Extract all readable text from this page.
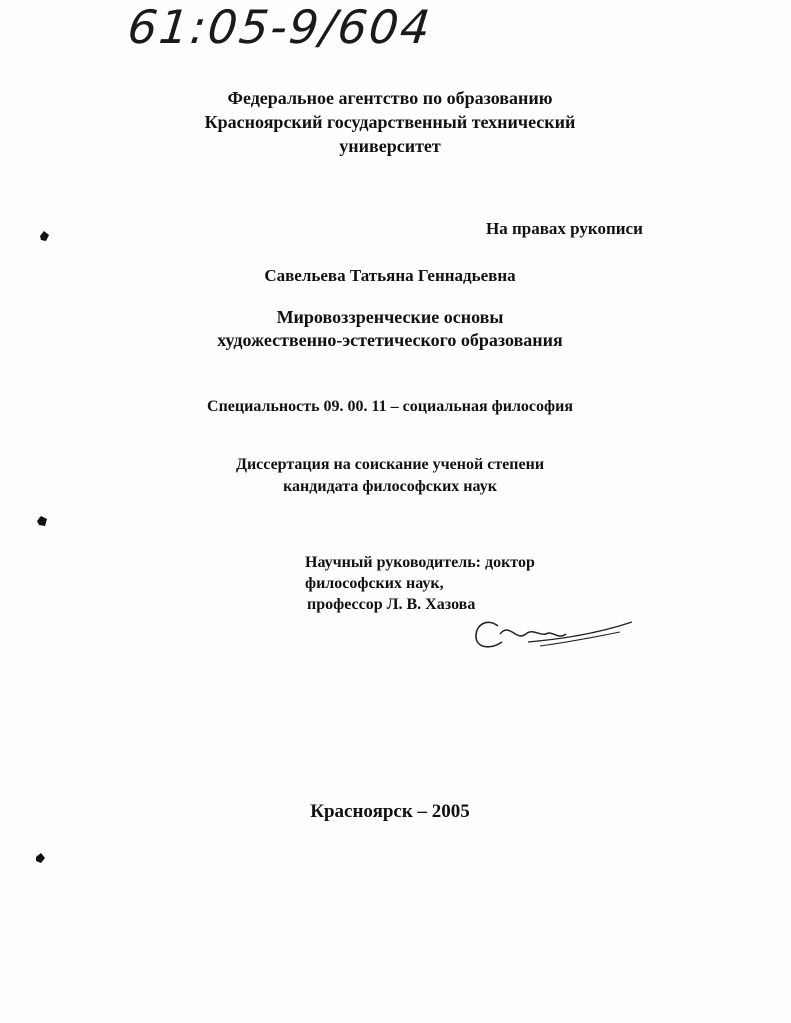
61:05-9/604
Федеральное агентство по образованию
Красноярский государственный технический
университет
На правах рукописи
Савельева Татьяна Геннадьевна
Мировоззренческие основы
художественно-эстетического образования
Специальность 09. 00. 11 – социальная философия
Диссертация на соискание ученой степени
кандидата философских наук
Научный руководитель: доктор
философских наук,
профессор Л. В. Хазова
Красноярск – 2005
